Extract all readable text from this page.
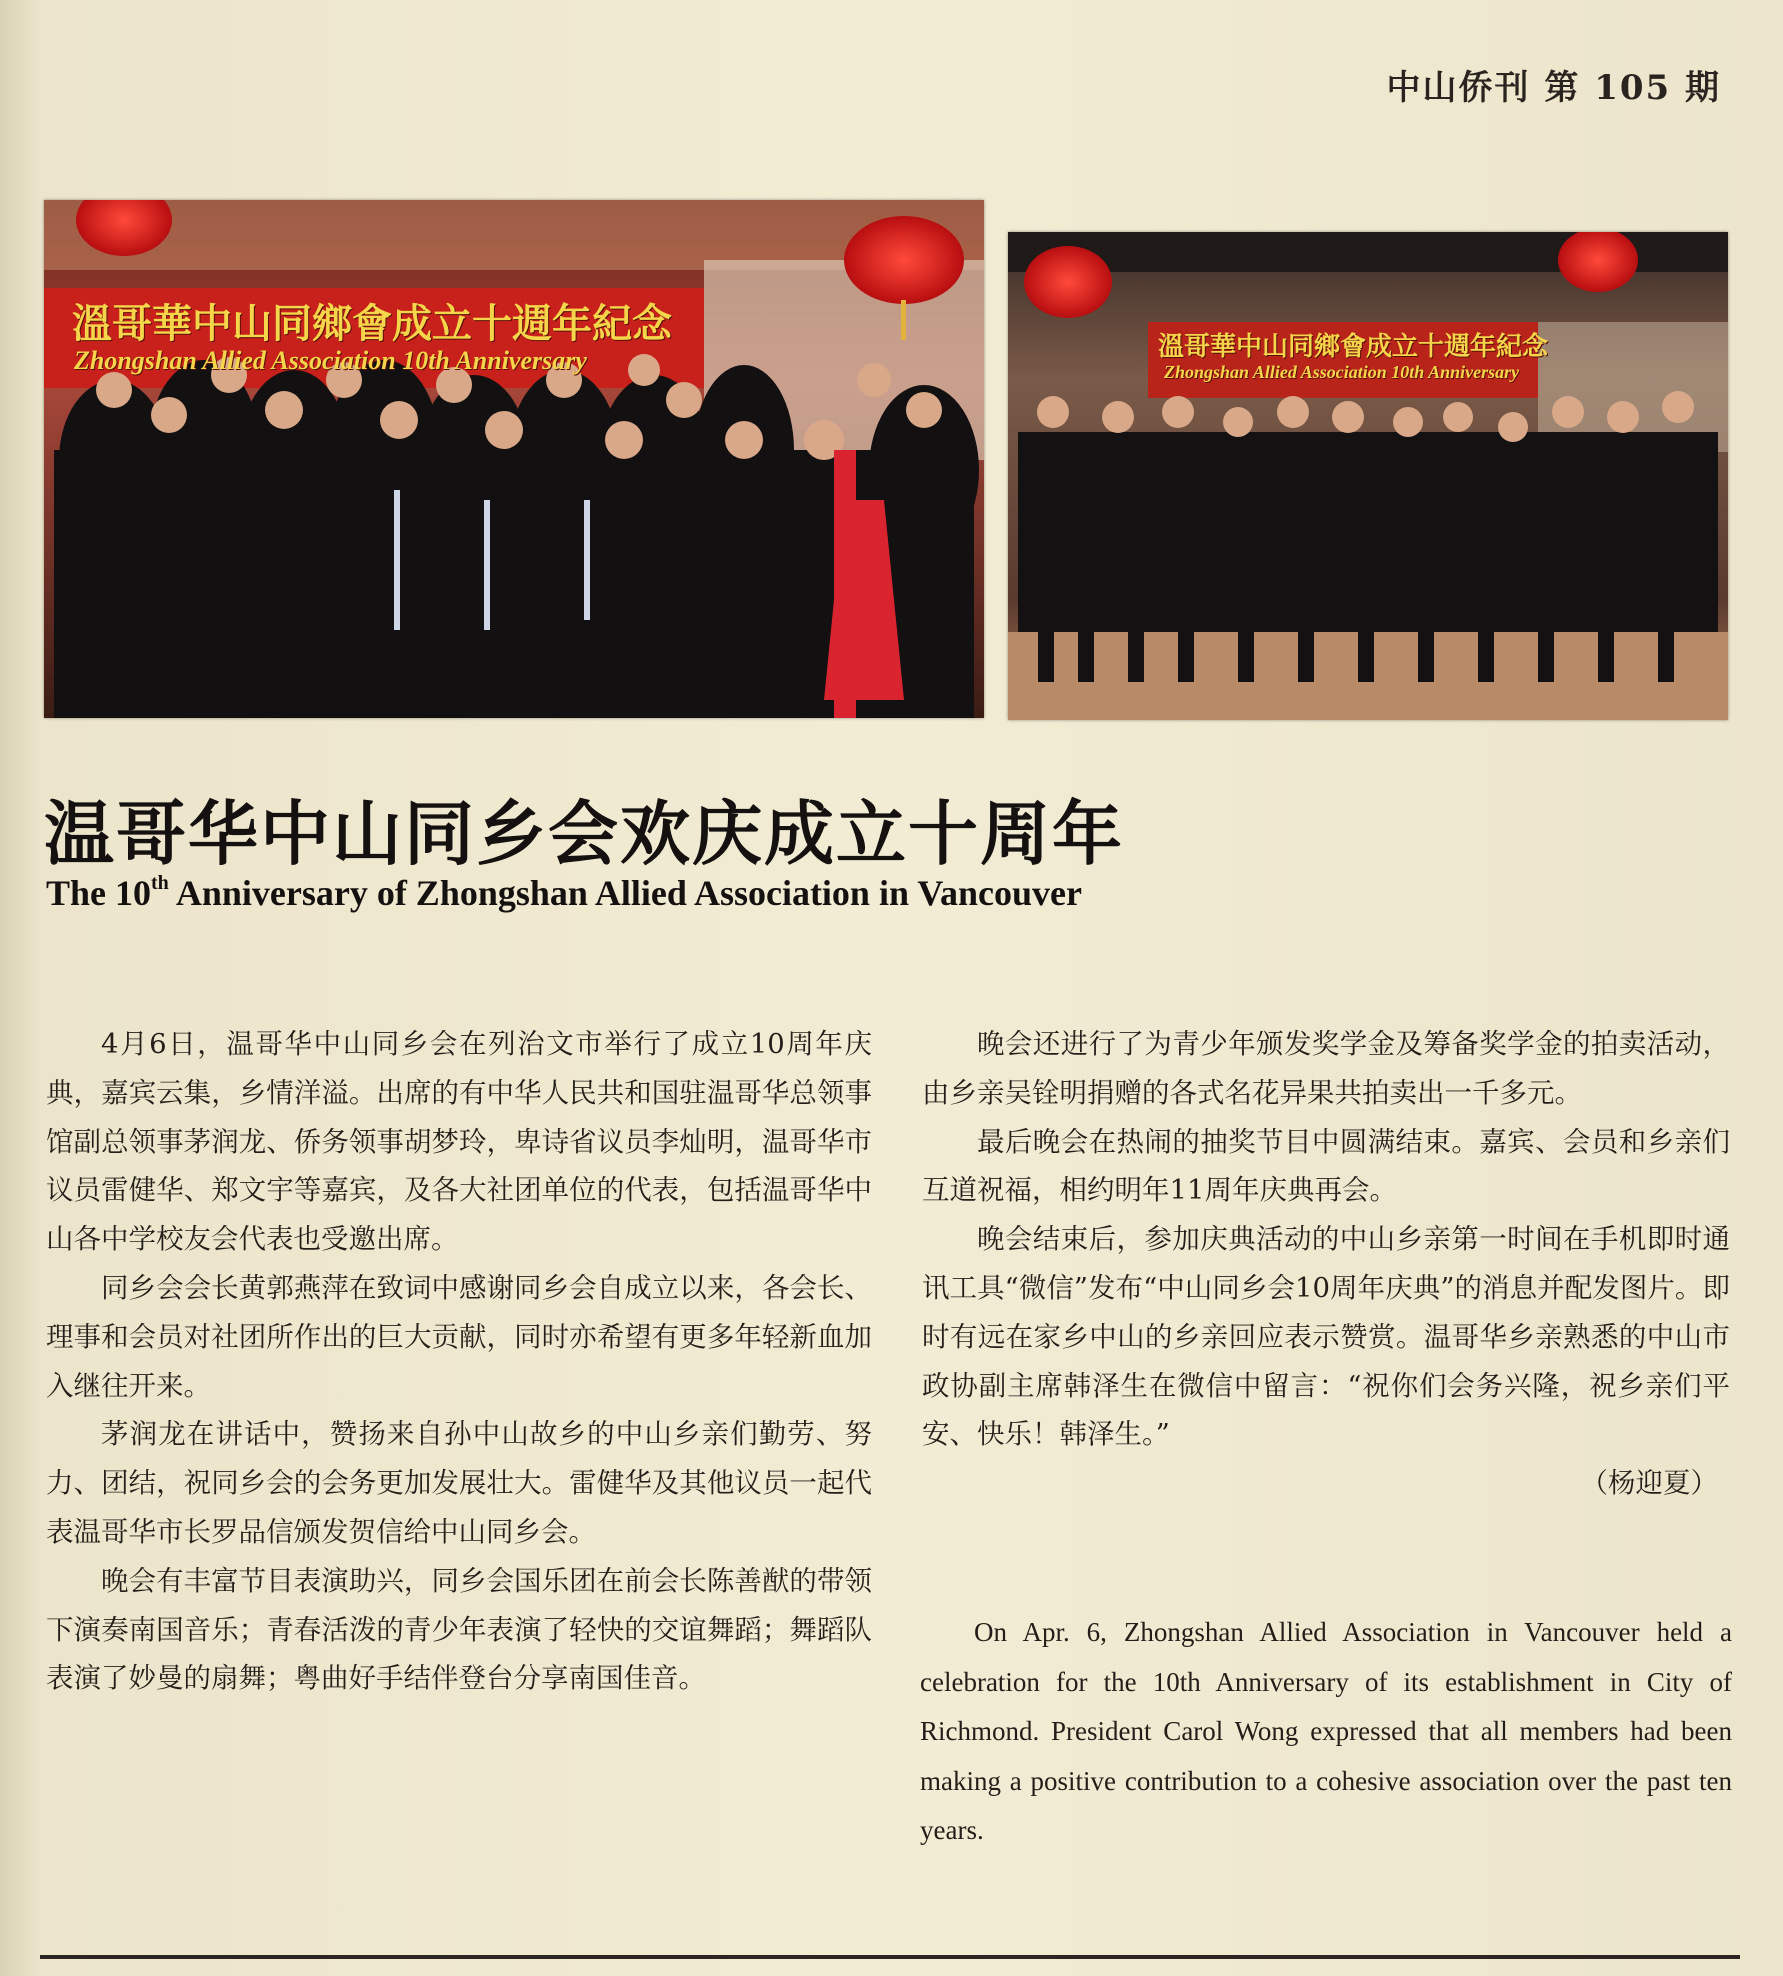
中山侨刊 第 105 期
溫哥華中山同鄉會成立十週年紀念
Zhongshan Allied Association 10th Anniversary	溫哥華中山同鄉會成立十週年紀念
Zhongshan Allied Association 10th Anniversary
温哥华中山同乡会欢庆成立十周年
The 10th Anniversary of Zhongshan Allied Association in Vancouver

4月6日，温哥华中山同乡会在列治文市举行了成立10周年庆典，嘉宾云集，乡情洋溢。出席的有中华人民共和国驻温哥华总领事馆副总领事茅润龙、侨务领事胡梦玲，卑诗省议员李灿明，温哥华市议员雷健华、郑文宇等嘉宾，及各大社团单位的代表，包括温哥华中山各中学校友会代表也受邀出席。

同乡会会长黄郭燕萍在致词中感谢同乡会自成立以来，各会长、理事和会员对社团所作出的巨大贡献，同时亦希望有更多年轻新血加入继往开来。

茅润龙在讲话中，赞扬来自孙中山故乡的中山乡亲们勤劳、努力、团结，祝同乡会的会务更加发展壮大。雷健华及其他议员一起代表温哥华市长罗品信颁发贺信给中山同乡会。

晚会有丰富节目表演助兴，同乡会国乐团在前会长陈善猷的带领下演奏南国音乐；青春活泼的青少年表演了轻快的交谊舞蹈；舞蹈队表演了妙曼的扇舞；粤曲好手结伴登台分享南国佳音。

晚会还进行了为青少年颁发奖学金及筹备奖学金的拍卖活动，由乡亲吴铨明捐赠的各式名花异果共拍卖出一千多元。

最后晚会在热闹的抽奖节目中圆满结束。嘉宾、会员和乡亲们互道祝福，相约明年11周年庆典再会。

晚会结束后，参加庆典活动的中山乡亲第一时间在手机即时通讯工具“微信”发布“中山同乡会10周年庆典”的消息并配发图片。即时有远在家乡中山的乡亲回应表示赞赏。温哥华乡亲熟悉的中山市政协副主席韩泽生在微信中留言：“祝你们会务兴隆，祝乡亲们平安、快乐！韩泽生。”

（杨迎夏）

On Apr. 6, Zhongshan Allied Association in Vancouver held a celebration for the 10th Anniversary of its establishment in City of Richmond. President Carol Wong expressed that all members had been making a positive contribution to a cohesive association over the past ten years.
